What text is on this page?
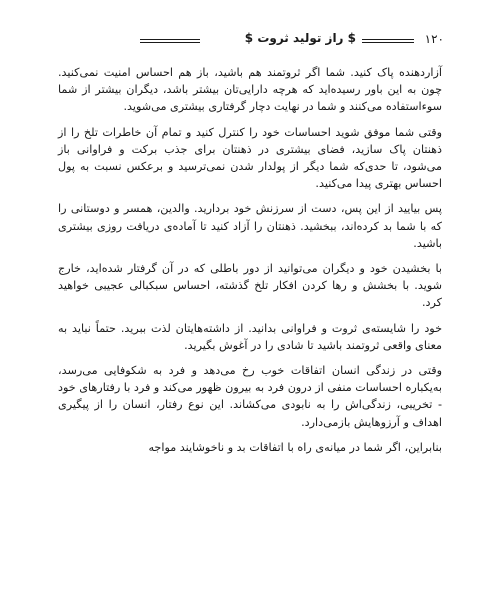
۱۲۰
$ راز تولید ثروت $

آزاردهنده پاک کنید. شما اگر ثروتمند هم باشید، باز هم احساس امنیت نمی‌کنید. چون به این باور رسیده‌اید که هرچه دارایی‌تان بیشتر باشد، دیگران بیشتر از شما سوءاستفاده می‌کنند و شما در نهایت دچار گرفتاری بیشتری می‌شوید.

وقتی شما موفق شوید احساسات خود را کنترل کنید و تمام آن خاطرات تلخ را از ذهنتان پاک سازید، فضای بیشتری در ذهنتان برای جذب برکت و فراوانی باز می‌شود، تا حدی‌که شما دیگر از پولدار شدن نمی‌ترسید و برعکس نسبت به پول احساس بهتری پیدا می‌کنید.

پس بیایید از این پس، دست از سرزنش خود بردارید. والدین، همسر و دوستانی را که با شما بد کرده‌اند، ببخشید. ذهنتان را آزاد کنید تا آماده‌ی دریافت روزی بیشتری باشید.

با بخشیدن خود و دیگران می‌توانید از دور باطلی که در آن گرفتار شده‌اید، خارج شوید. با بخشش و رها کردن افکار تلخ گذشته، احساس سبکبالی عجیبی خواهید کرد.

خود را شایسته‌ی ثروت و فراوانی بدانید. از داشته‌هایتان لذت ببرید. حتماً نباید به معنای واقعی ثروتمند باشید تا شادی را در آغوش بگیرید.

وقتی در زندگی انسان اتفاقات خوب رخ می‌دهد و فرد به شکوفایی می‌رسد، به‌یکباره احساسات منفی از درون فرد به بیرون ظهور می‌کند و فرد با رفتارهای خود - تخریبی، زندگی‌اش را به نابودی می‌کشاند. این نوع رفتار، انسان را از پیگیری اهداف و آرزوهایش بازمی‌دارد.

بنابراین، اگر شما در میانه‌ی راه با اتفاقات بد و ناخوشایند مواجه
